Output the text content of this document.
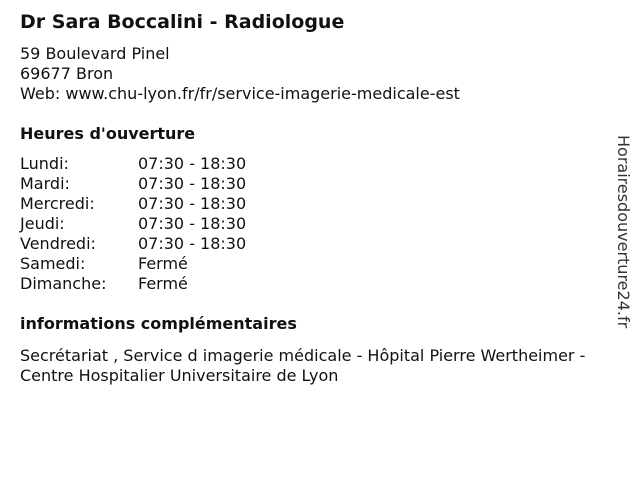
Dr Sara Boccalini - Radiologue
59 Boulevard Pinel
69677 Bron
Web: www.chu-lyon.fr/fr/service-imagerie-medicale-est
Heures d'ouverture
Lundi:	07:30 - 18:30
Mardi:	07:30 - 18:30
Mercredi:	07:30 - 18:30
Jeudi:	07:30 - 18:30
Vendredi:	07:30 - 18:30
Samedi:	Fermé
Dimanche:	Fermé
informations complémentaires
Secrétariat , Service d imagerie médicale - Hôpital Pierre Wertheimer - Centre Hospitalier Universitaire de Lyon
Horairesdouverture24.fr
